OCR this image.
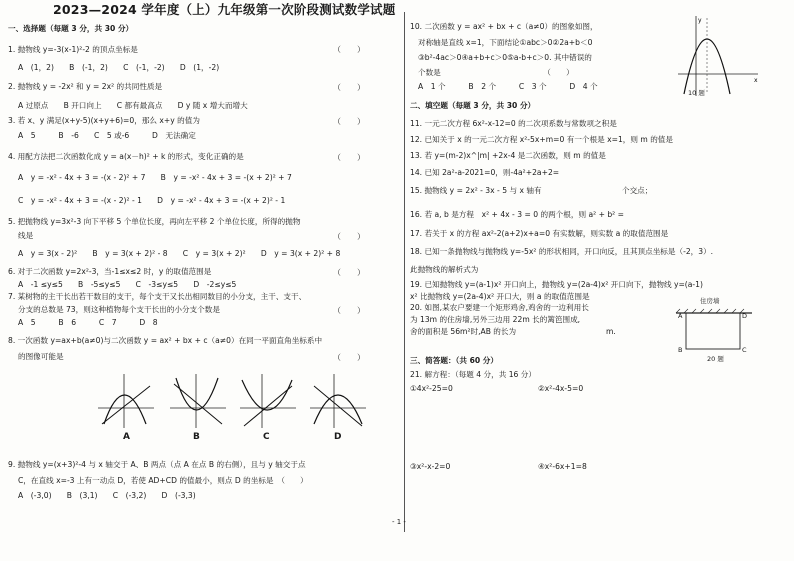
2023—2024 学年度（上）九年级第一次阶段测试数学试题
一、选择题（每题 3 分，共 30 分）
1. 抛物线 y=-3(x-1)²-2 的顶点坐标是	（　　）
A　(1，2)　　B　(-1，2)　　C　(-1，-2)　　D　(1，-2)
2. 抛物线 y = -2x² 和 y = 2x² 的共同性质是	（　　）
A 过原点　　B 开口向上　　C 都有最高点　　D y 随 x 增大而增大
3. 若 x、y 满足(x+y-5)(x+y+6)=0，那么 x+y 的值为	（　　）
A　5　　　B　-6　　C　5 或-6　　　D　无法确定
4. 用配方法把二次函数化成 y = a(x－h)² + k 的形式，变化正确的是	（　　）
A　y = -x² - 4x + 3 = -(x - 2)² + 7　　B　y = -x² - 4x + 3 = -(x + 2)² + 7
C　y = -x² - 4x + 3 = -(x - 2)² - 1　　D　y = -x² - 4x + 3 = -(x + 2)² - 1
5. 把抛物线 y=3x²-3 向下平移 5 个单位长度，再向左平移 2 个单位长度，所得的抛物
线是	（　　）
A　y = 3(x - 2)²　　B　y = 3(x + 2)² - 8　　C　y = 3(x + 2)²　　D　y = 3(x + 2)² + 8
6. 对于二次函数 y=2x²-3，当-1≤x≤2 时，y 的取值范围是	（　　）
A　-1 ≤y≤5　　B　-5≤y≤5　　C　-3≤y≤5　　D　-2≤y≤5
7. 某树物的主干长出若干数目的支干，每个支干又长出相同数目的小分支，主干、支干、
分支的总数是 73，则这种植物每个支干长出的小分支个数是	（　　）
A　5　　　B　6　　　C　7　　　D　8
8. 一次函数 y=ax+b(a≠0)与二次函数 y = ax² + bx + c（a≠0）在同一平面直角坐标系中
的图像可能是	（　　）
A	B	C	D
9. 抛物线 y=(x+3)²-4 与 x 轴交于 A、B 两点（点 A 在点 B 的右侧），且与 y 轴交于点
C，在直线 x=-3 上有一动点 D，若使 AD+CD 的值最小，则点 D 的坐标是　（　　）
A　(-3,0)　　B　(3,1)　　C　(-3,2)　　D　(-3,3)
10. 二次函数 y = ax² + bx + c（a≠0）的图象如图，
对称轴是直线 x=1，下面结论①abc＞0②2a+b＜0
③b²-4ac＞0④a+b+c＞0⑤a-b+c＞0. 其中错误的
个数是　　　　　　　　　　　　　　（　　）
A　1 个　　　B　2 个　　　C　3 个　　　D　4 个
y
x
10 题
二、填空题（每题 3 分，共 30 分）
11. 一元二次方程 6x²-x-12=0 的二次项系数与常数项之积是
12. 已知关于 x 的一元二次方程 x²-5x+m=0 有一个根是 x=1，则 m 的值是
13. 若 y=(m-2)x^|m| +2x-4 是二次函数，则 m 的值是
14. 已知 2a²-a-2021=0，则-4a²+2a+2=
15. 抛物线 y = 2x² - 3x - 5 与 x 轴有	个交点；
16. 若 a, b 是方程　x² + 4x - 3 = 0 的两个根，则 a² + b² =
17. 若关于 x 的方程 ax²-2(a+2)x+a=0 有实数解，则实数 a 的取值范围是
18. 已知一条抛物线与抛物线 y=-5x² 的形状相同，开口向反，且其顶点坐标是（-2，3）.
此抛物线的解析式为
19. 已知抛物线 y=(a-1)x² 开口向上，抛物线 y=(2a-4)x² 开口向下，抛物线 y=(a-1)
x² 比抛物线 y=(2a-4)x² 开口大，则 a 的取值范围是
20. 如图,某农户要建一个矩形鸡舍,鸡舍的一边利用长
为 13m 的住房墙,另外三边用 22m 长的篱笆围成,
舍的面积是 56m²时,AB 的长为	m.
住房墙
A	D
B	C
20 题
三、简答题：（共 60 分）
21. 解方程：（每题 4 分，共 16 分）
①4x²-25=0	②x²-4x-5=0
③x²-x-2=0	④x²-6x+1=8
- 1 -
